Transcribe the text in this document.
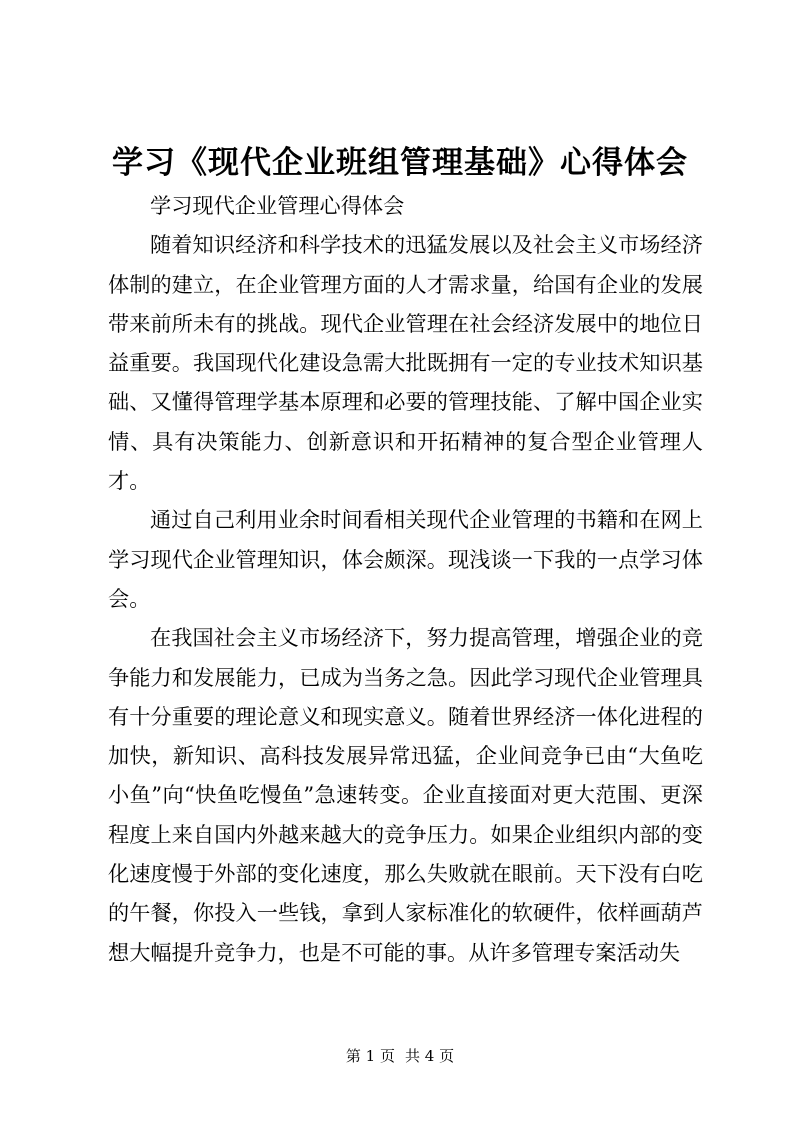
学习《现代企业班组管理基础》心得体会

学习现代企业管理心得体会

随着知识经济和科学技术的迅猛发展以及社会主义市场经济体制的建立，在企业管理方面的人才需求量，给国有企业的发展带来前所未有的挑战。现代企业管理在社会经济发展中的地位日益重要。我国现代化建设急需大批既拥有一定的专业技术知识基础、又懂得管理学基本原理和必要的管理技能、了解中国企业实情、具有决策能力、创新意识和开拓精神的复合型企业管理人才。

通过自己利用业余时间看相关现代企业管理的书籍和在网上学习现代企业管理知识，体会颇深。现浅谈一下我的一点学习体会。

在我国社会主义市场经济下，努力提高管理，增强企业的竞争能力和发展能力，已成为当务之急。因此学习现代企业管理具有十分重要的理论意义和现实意义。随着世界经济一体化进程的加快，新知识、高科技发展异常迅猛，企业间竞争已由“大鱼吃小鱼”向“快鱼吃慢鱼”急速转变。企业直接面对更大范围、更深程度上来自国内外越来越大的竞争压力。如果企业组织内部的变化速度慢于外部的变化速度，那么失败就在眼前。天下没有白吃的午餐，你投入一些钱，拿到人家标准化的软硬件，依样画葫芦想大幅提升竞争力，也是不可能的事。从许多管理专案活动失

第 1 页 共 4 页
